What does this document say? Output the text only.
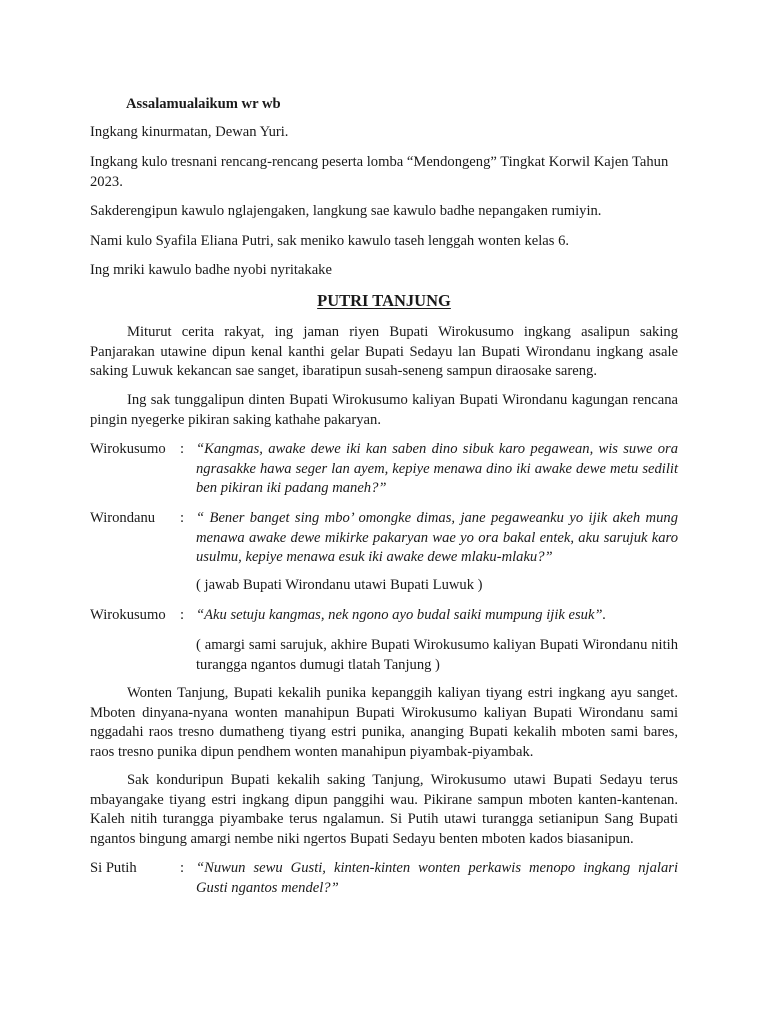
Assalamualaikum wr wb

Ingkang kinurmatan, Dewan Yuri.

Ingkang kulo tresnani rencang-rencang peserta lomba “Mendongeng” Tingkat Korwil Kajen Tahun 2023.

Sakderengipun kawulo nglajengaken, langkung sae kawulo badhe nepangaken rumiyin.

Nami kulo Syafila Eliana Putri, sak meniko kawulo taseh lenggah wonten kelas 6.

Ing mriki kawulo badhe nyobi nyritakake

PUTRI TANJUNG

Miturut cerita rakyat, ing jaman riyen Bupati Wirokusumo ingkang asalipun saking Panjarakan utawine dipun kenal kanthi gelar Bupati Sedayu lan Bupati Wirondanu ingkang asale saking Luwuk kekancan sae sanget, ibaratipun susah-seneng sampun diraosake sareng.

Ing sak tunggalipun dinten Bupati Wirokusumo kaliyan Bupati Wirondanu kagungan rencana pingin nyegerke pikiran saking kathahe pakaryan.

Wirokusumo : “Kangmas, awake dewe iki kan saben dino sibuk karo pegawean, wis suwe ora ngrasakke hawa seger lan ayem, kepiye menawa dino iki awake dewe metu sedilit ben pikiran iki padang maneh?”
Wirondanu	: “ Bener banget sing mbo’ omongke dimas, jane pegaweanku yo ijik akeh mung menawa awake dewe mikirke pakaryan wae yo ora bakal entek, aku sarujuk karo usulmu, kepiye menawa esuk iki awake dewe mlaku-mlaku?”

( jawab Bupati Wirondanu utawi Bupati Luwuk )

Wirokusumo : “Aku setuju kangmas, nek ngono ayo budal saiki mumpung ijik esuk”.

( amargi sami sarujuk, akhire Bupati Wirokusumo kaliyan Bupati Wirondanu nitih turangga ngantos dumugi tlatah Tanjung )

Wonten Tanjung, Bupati kekalih punika kepanggih kaliyan tiyang estri ingkang ayu sanget. Mboten dinyana-nyana wonten manahipun Bupati Wirokusumo kaliyan Bupati Wirondanu sami nggadahi raos tresno dumatheng tiyang estri punika, ananging Bupati kekalih mboten sami bares, raos tresno punika dipun pendhem wonten manahipun piyambak-piyambak.

Sak konduripun Bupati kekalih saking Tanjung, Wirokusumo utawi Bupati Sedayu terus mbayangake tiyang estri ingkang dipun panggihi wau. Pikirane sampun mboten kanten-kantenan. Kaleh nitih turangga piyambake terus ngalamun. Si Putih utawi turangga setianipun Sang Bupati ngantos bingung amargi nembe niki ngertos Bupati Sedayu benten mboten kados biasanipun.

Si Putih	: “Nuwun sewu Gusti, kinten-kinten wonten perkawis menopo ingkang njalari Gusti ngantos mendel?”
